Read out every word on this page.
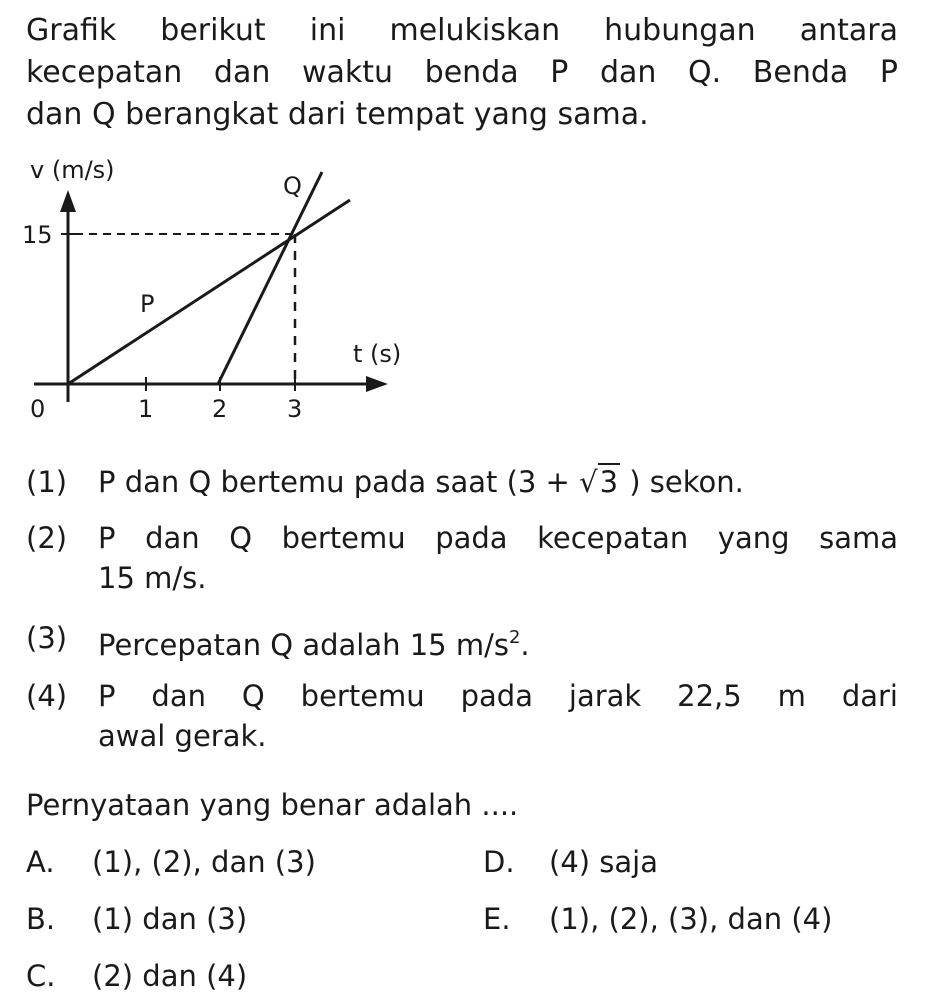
Grafik berikut ini melukiskan hubungan antara
kecepatan dan waktu benda P dan Q. Benda P
dan Q berangkat dari tempat yang sama.
v (m/s)
t (s)
15
0	1 2 3
P
Q
(1) P dan Q bertemu pada saat (3 + √3 ) sekon.
(2) P dan Q bertemu pada kecepatan yang sama
15 m/s.
(3) Percepatan Q adalah 15 $m/s^2$.
(4) P dan Q bertemu pada jarak 22,5 m dari
awal gerak.
Pernyataan yang benar adalah ....
A. (1), (2), dan (3)
B. (1) dan (3)
C. (2) dan (4)
D. (4) saja
E. (1), (2), (3), dan (4)
